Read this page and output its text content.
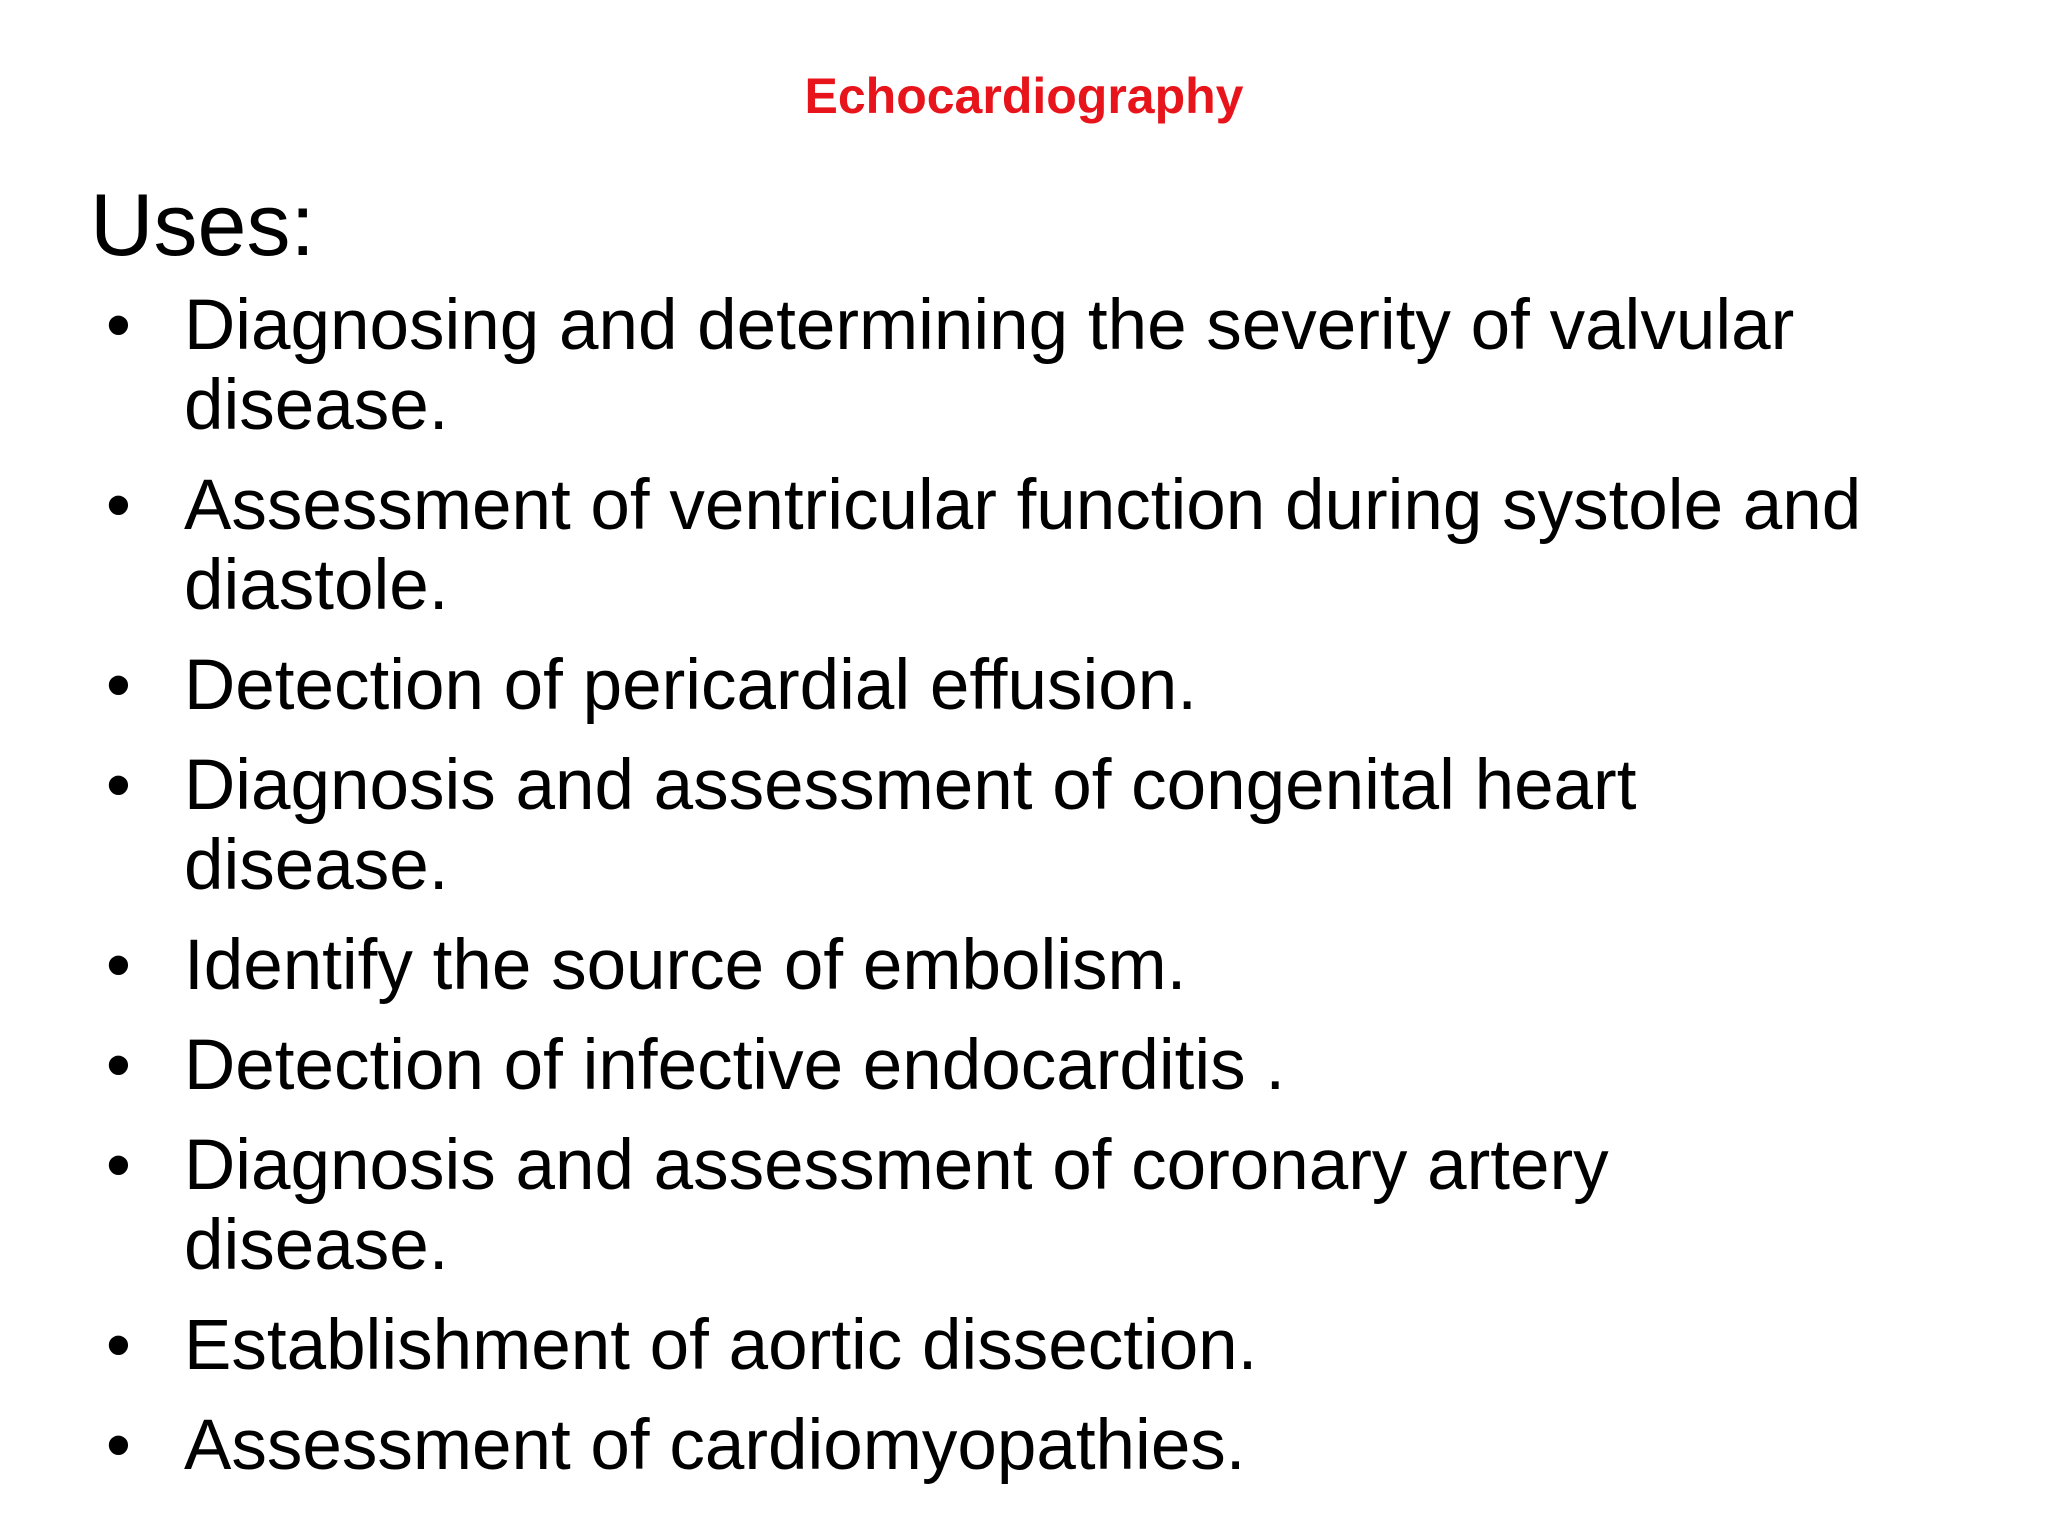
Echocardiography
Uses:
• Diagnosing and determining the severity of valvular disease.
• Assessment of ventricular function during systole and diastole.
• Detection of pericardial effusion.
• Diagnosis and assessment of congenital heart disease.
• Identify the source of embolism.
• Detection of infective endocarditis .
• Diagnosis and assessment of coronary artery disease.
• Establishment of aortic dissection.
• Assessment of cardiomyopathies.
